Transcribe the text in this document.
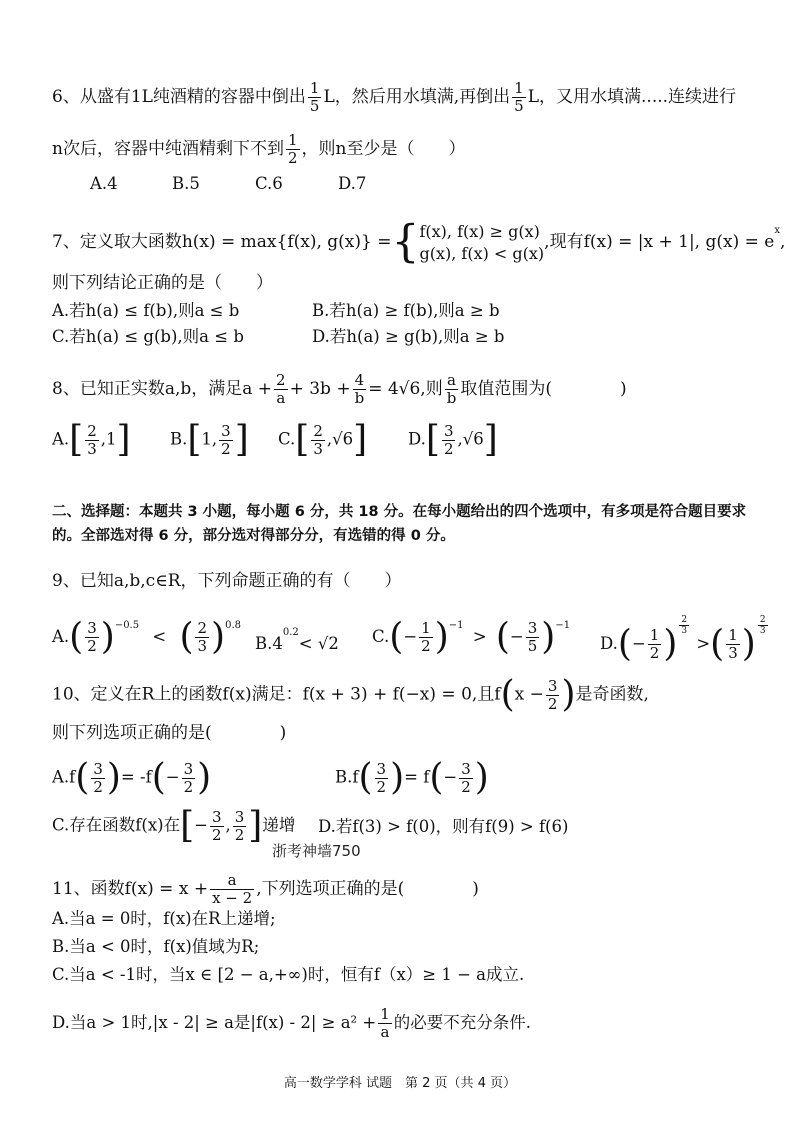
6、从盛有1L纯酒精的容器中倒出 $\frac{1}{5}$ L，然后用水填满,再倒出 $\frac{1}{5}$ L，又用水填满.....连续进行
n次后，容器中纯酒精剩下不到 $\frac{1}{2}$ ，则n至少是（　　）
A.4	B.5	C.6	D.7
7、定义取大函数h(x) = max{f(x), g(x)} ={ f(x), f(x) ≥ g(x)
g(x), f(x) < g(x)
,现有f(x) = |x + 1|, $g(x) = e^x$,
则下列结论正确的是（　　）
A.若h(a) ≤ f(b),则a ≤ b	B.若h(a) ≥ f(b),则a ≥ b
C.若h(a) ≤ g(b),则a ≤ b	D.若h(a) ≥ g(b),则a ≥ b
8、已知正实数a,b，满足$a + \frac{2}{a} + 3b + \frac{4}{b} = 4√6$,则 $\frac{a}{b}$ 取值范围为(　　　　)
$A.[ \frac{2}{3} ,1]$ B.[1, $\frac{3}{2}$ ] $C.[ \frac{2}{3} ,√6]$ $D.[ \frac{3}{2} ,√6]$
二、选择题：本题共 3 小题，每小题 6 分，共 18 分。在每小题给出的四个选项中，有多项是符合题目要求的。全部选对得 6 分，部分选对得部分分，有选错的得 0 分。
9、已知a,b,c∈R，下列命题正确的有（　　）
$A.( \frac{3}{2} )^{-0.5}$ < ( $\frac{2}{3} )^{0.8}$
$B.4^{0.2}< √2$ $C.(- \frac{1}{2} )^{-1}$ > (− $\frac{3}{5} )^{-1}$
$D.(- \frac{1}{2}$ ) $\frac{2}{3}$
>( $\frac{1}{3}$ ) $\frac{2}{3}$
10、定义在R上的函数f(x)满足：f(x + 3) + f(−x) = 0,且$f(x - \frac{3}{2}$ )是奇函数,
则下列选项正确的是(　　　　)
$A.f( \frac{3}{2}$ )= $-f(- \frac{3}{2}$ )	$B.f( \frac{3}{2}$ )= $f(- \frac{3}{2}$ )
C.存在函数f(x)在[− $\frac{3}{2}$ , $\frac{3}{2}$ ]递增 D.若f(3) > f(0)，则有f(9) > f(6)
浙考神墙750
11、函数$f(x) = x + \frac{a}{x - 2}$ ,下列选项正确的是(　　　　)
A.当a = 0时，f(x)在R上递增;
B.当a < 0时，f(x)值域为R;
C.当a < -1时，当x ∈ [2 − a,+∞)时，恒有f（x）≥ 1 − a成立.
D.当a > 1时,|x - 2| ≥ a是$|f(x) - 2| \ge a^2 + \frac{1}{a}$ 的必要不充分条件.
高一数学学科 试题　第 2 页（共 4 页）
